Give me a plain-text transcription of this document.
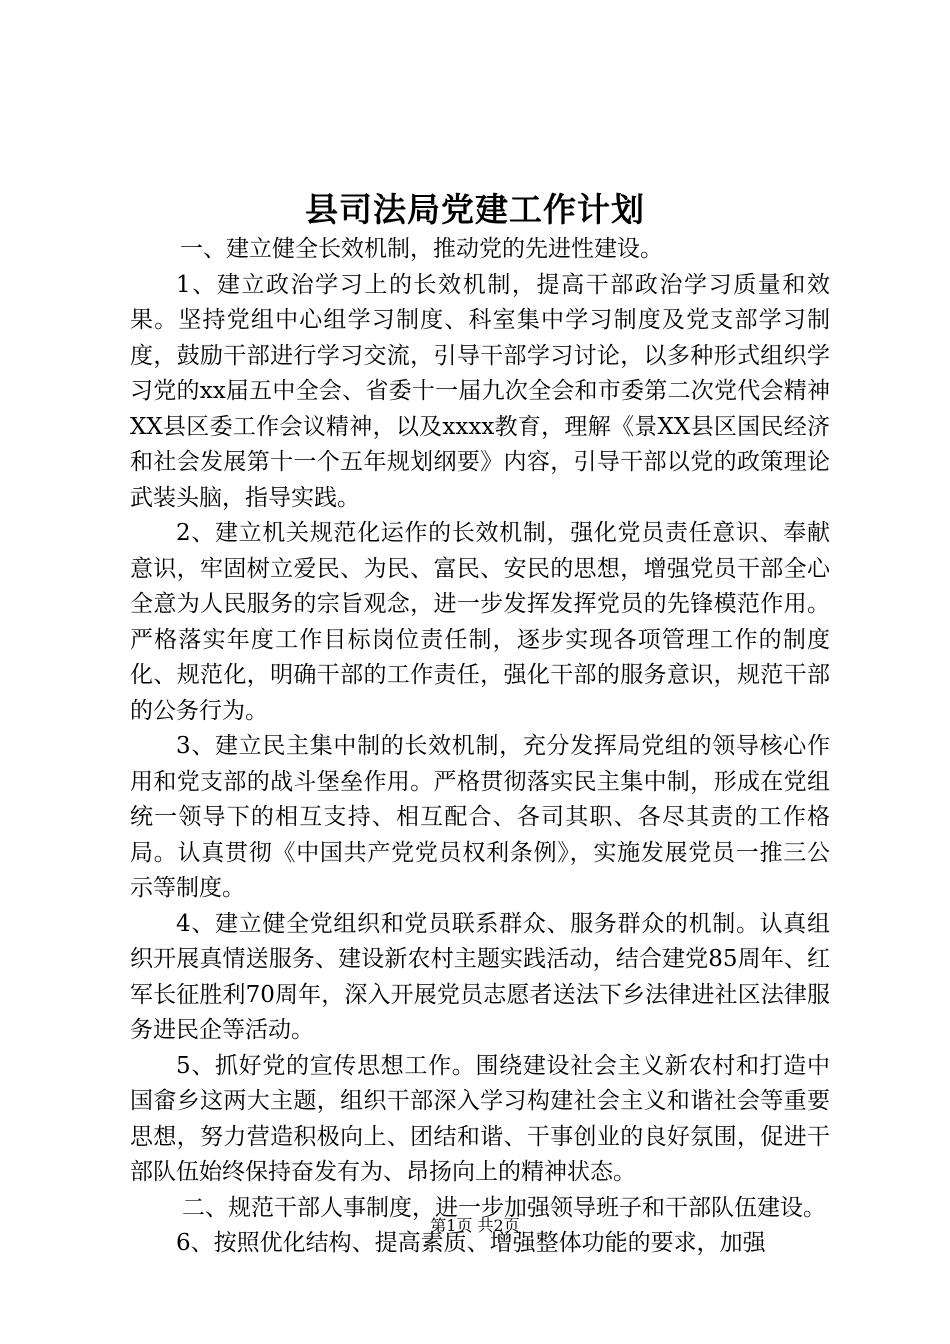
县司法局党建工作计划

一、建立健全长效机制，推动党的先进性建设。

1、建立政治学习上的长效机制，提高干部政治学习质量和效果。坚持党组中心组学习制度、科室集中学习制度及党支部学习制度，鼓励干部进行学习交流，引导干部学习讨论，以多种形式组织学习党的xx届五中全会、省委十一届九次全会和市委第二次党代会精神XX县区委工作会议精神，以及xxxx教育，理解《景XX县区国民经济和社会发展第十一个五年规划纲要》内容，引导干部以党的政策理论武装头脑，指导实践。

2、建立机关规范化运作的长效机制，强化党员责任意识、奉献意识，牢固树立爱民、为民、富民、安民的思想，增强党员干部全心全意为人民服务的宗旨观念，进一步发挥发挥党员的先锋模范作用。严格落实年度工作目标岗位责任制，逐步实现各项管理工作的制度化、规范化，明确干部的工作责任，强化干部的服务意识，规范干部的公务行为。

3、建立民主集中制的长效机制，充分发挥局党组的领导核心作用和党支部的战斗堡垒作用。严格贯彻落实民主集中制，形成在党组统一领导下的相互支持、相互配合、各司其职、各尽其责的工作格局。认真贯彻《中国共产党党员权利条例》，实施发展党员一推三公示等制度。

4、建立健全党组织和党员联系群众、服务群众的机制。认真组织开展真情送服务、建设新农村主题实践活动，结合建党85周年、红军长征胜利70周年，深入开展党员志愿者送法下乡法律进社区法律服务进民企等活动。

5、抓好党的宣传思想工作。围绕建设社会主义新农村和打造中国畲乡这两大主题，组织干部深入学习构建社会主义和谐社会等重要思想，努力营造积极向上、团结和谐、干事创业的良好氛围，促进干部队伍始终保持奋发有为、昂扬向上的精神状态。

二、规范干部人事制度，进一步加强领导班子和干部队伍建设。

6、按照优化结构、提高素质、增强整体功能的要求，加强

第1页 共2页
